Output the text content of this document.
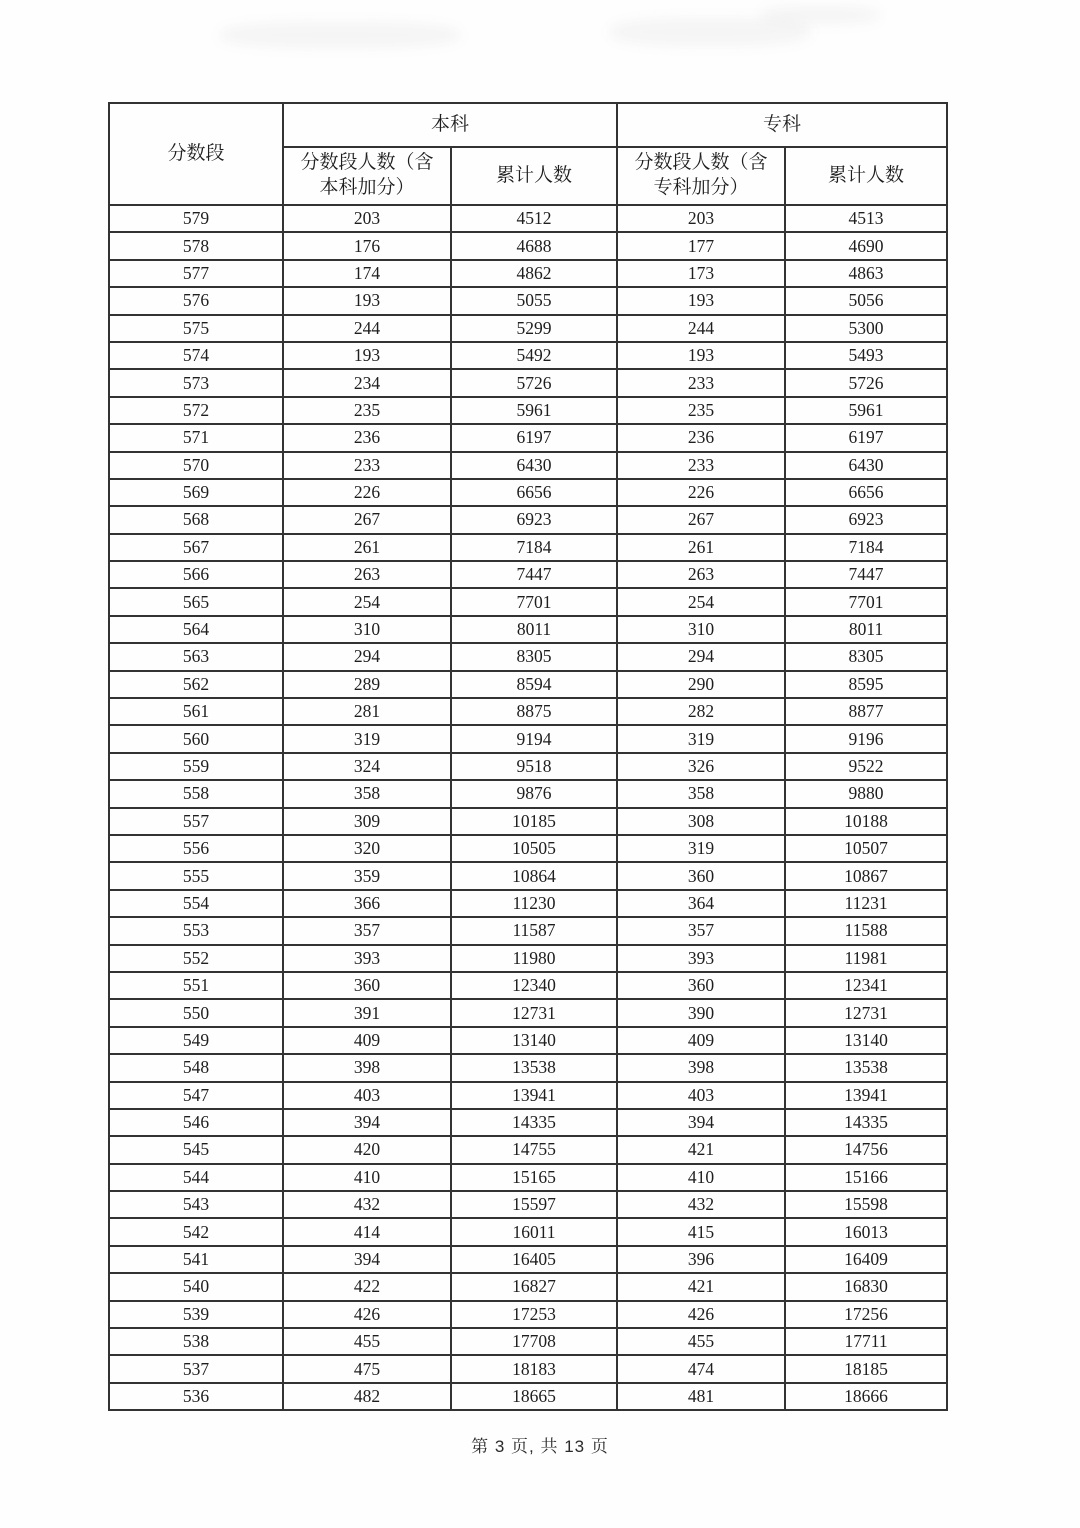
分数段	本科		专科	
	分数段人数（含本科加分）	累计人数	分数段人数（含专科加分）	累计人数
579	203	4512	203	4513
578	176	4688	177	4690
577	174	4862	173	4863
576	193	5055	193	5056
575	244	5299	244	5300
574	193	5492	193	5493
573	234	5726	233	5726
572	235	5961	235	5961
571	236	6197	236	6197
570	233	6430	233	6430
569	226	6656	226	6656
568	267	6923	267	6923
567	261	7184	261	7184
566	263	7447	263	7447
565	254	7701	254	7701
564	310	8011	310	8011
563	294	8305	294	8305
562	289	8594	290	8595
561	281	8875	282	8877
560	319	9194	319	9196
559	324	9518	326	9522
558	358	9876	358	9880
557	309	10185	308	10188
556	320	10505	319	10507
555	359	10864	360	10867
554	366	11230	364	11231
553	357	11587	357	11588
552	393	11980	393	11981
551	360	12340	360	12341
550	391	12731	390	12731
549	409	13140	409	13140
548	398	13538	398	13538
547	403	13941	403	13941
546	394	14335	394	14335
545	420	14755	421	14756
544	410	15165	410	15166
543	432	15597	432	15598
542	414	16011	415	16013
541	394	16405	396	16409
540	422	16827	421	16830
539	426	17253	426	17256
538	455	17708	455	17711
537	475	18183	474	18185
536	482	18665	481	18666
第 3 页, 共 13 页
